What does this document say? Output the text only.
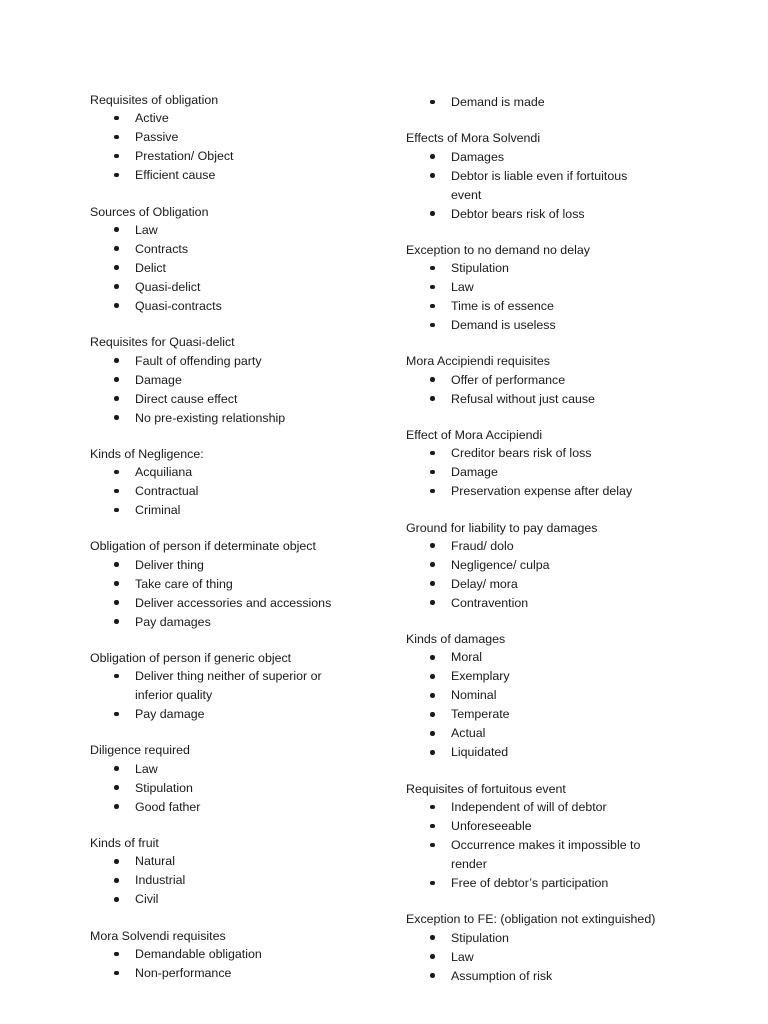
Requisites of obligation
Active
Passive
Prestation/ Object
Efficient cause
Sources of Obligation
Law
Contracts
Delict
Quasi-delict
Quasi-contracts
Requisites for Quasi-delict
Fault of offending party
Damage
Direct cause effect
No pre-existing relationship
Kinds of Negligence:
Acquiliana
Contractual
Criminal
Obligation of person if determinate object
Deliver thing
Take care of thing
Deliver accessories and accessions
Pay damages
Obligation of person if generic object
Deliver thing neither of superior or inferior quality
Pay damage
Diligence required
Law
Stipulation
Good father
Kinds of fruit
Natural
Industrial
Civil
Mora Solvendi requisites
Demandable obligation
Non-performance
Demand is made
Effects of Mora Solvendi
Damages
Debtor is liable even if fortuitous event
Debtor bears risk of loss
Exception to no demand no delay
Stipulation
Law
Time is of essence
Demand is useless
Mora Accipiendi requisites
Offer of performance
Refusal without just cause
Effect of Mora Accipiendi
Creditor bears risk of loss
Damage
Preservation expense after delay
Ground for liability to pay damages
Fraud/ dolo
Negligence/ culpa
Delay/ mora
Contravention
Kinds of damages
Moral
Exemplary
Nominal
Temperate
Actual
Liquidated
Requisites of fortuitous event
Independent of will of debtor
Unforeseeable
Occurrence makes it impossible to render
Free of debtor’s participation
Exception to FE: (obligation not extinguished)
Stipulation
Law
Assumption of risk
